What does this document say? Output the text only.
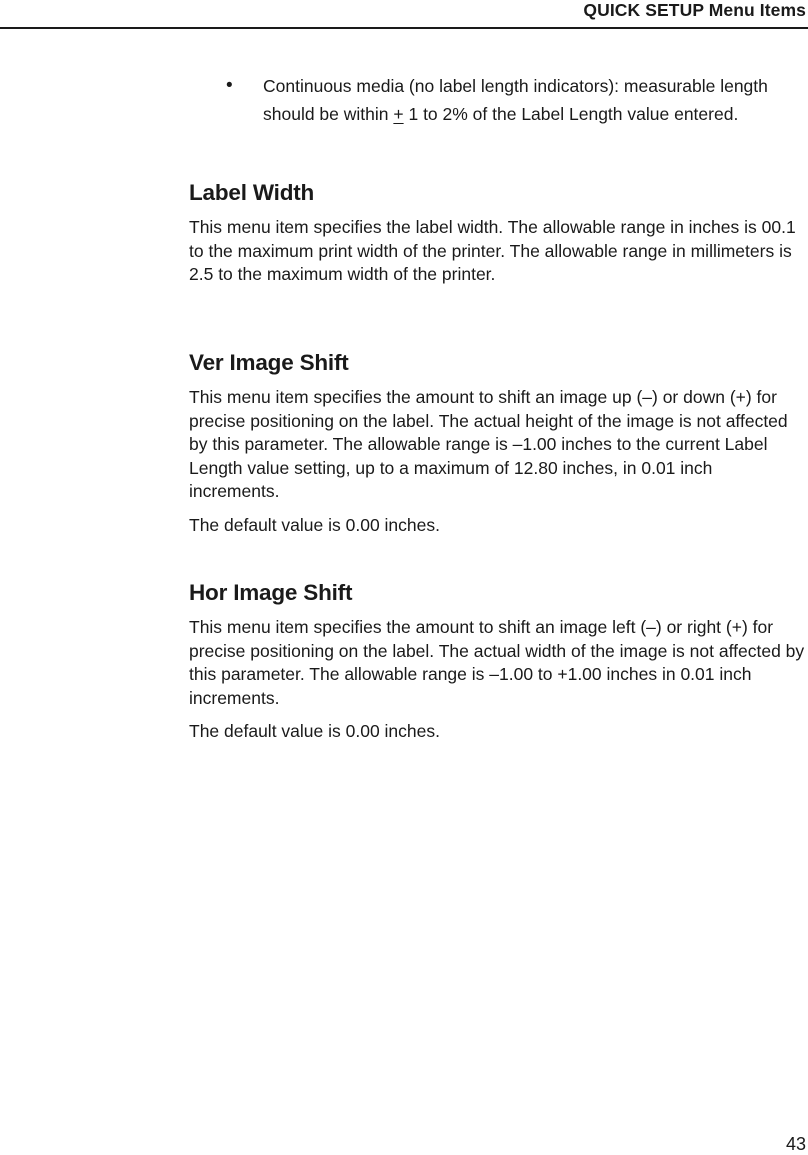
QUICK SETUP Menu Items
• Continuous media (no label length indicators): measurable length should be within + 1 to 2% of the Label Length value entered.

Label Width

This menu item specifies the label width. The allowable range in inches is 00.1 to the maximum print width of the printer. The allowable range in millimeters is 2.5 to the maximum width of the printer.

Ver Image Shift

This menu item specifies the amount to shift an image up (–) or down (+) for precise positioning on the label. The actual height of the image is not affected by this parameter. The allowable range is –1.00 inches to the current Label Length value setting, up to a maximum of 12.80 inches, in 0.01 inch increments.

The default value is 0.00 inches.

Hor Image Shift

This menu item specifies the amount to shift an image left (–) or right (+) for precise positioning on the label. The actual width of the image is not affected by this parameter. The allowable range is –1.00 to +1.00 inches in 0.01 inch increments.

The default value is 0.00 inches.

43
